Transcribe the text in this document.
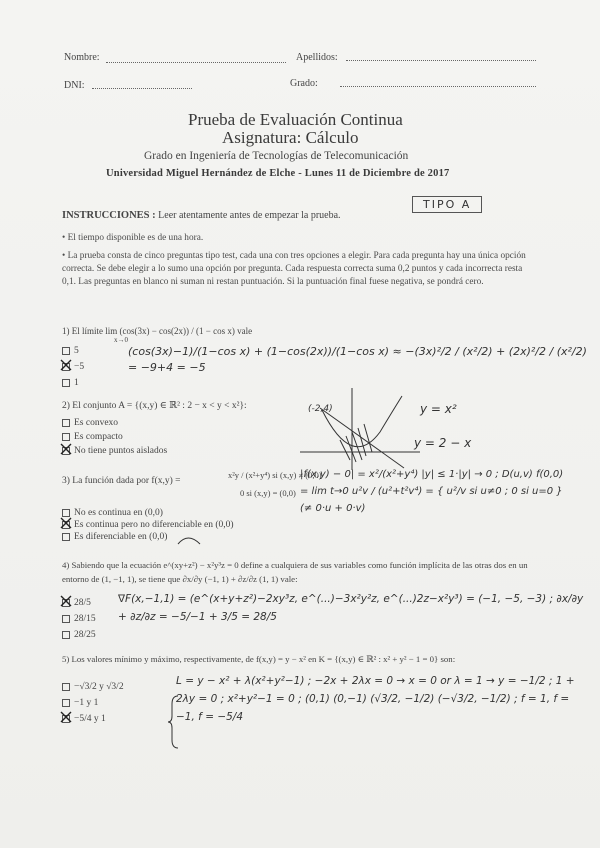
Nombre:	Apellidos:
DNI:	Grado:
Prueba de Evaluación Continua
Asignatura: Cálculo
Grado en Ingeniería de Tecnologías de Telecomunicación
Universidad Miguel Hernández de Elche - Lunes 11 de Diciembre de 2017
TIPO A
INSTRUCCIONES : Leer atentamente antes de empezar la prueba.
• El tiempo disponible es de una hora.
• La prueba consta de cinco preguntas tipo test, cada una con tres opciones a elegir. Para cada pregunta hay una única opción correcta. Se debe elegir a lo sumo una opción por pregunta. Cada respuesta correcta suma 0,2 puntos y cada incorrecta resta 0,1. Las preguntas en blanco ni suman ni restan puntuación. Si la puntuación final fuese negativa, se pondrá cero.
1) El límite lim (cos(3x) − cos(2x)) / (1 − cos x) vale
x→0
5
−5
1
(cos(3x)−1)/(1−cos x) + (1−cos(2x))/(1−cos x) ≈ −(3x)²/2 / (x²/2) + (2x)²/2 / (x²/2) = −9+4 = −5
2) El conjunto A = {(x,y) ∈ ℝ² : 2 − x < y < x²}:
Es convexo
Es compacto
No tiene puntos aislados
(-2,4)	y = x²
y = 2 − x
3) La función dada por f(x,y) =
x²y / (x²+y⁴) si (x,y) ≠ (0,0)
0 si (x,y) = (0,0)
No es continua en (0,0)
Es continua pero no diferenciable en (0,0)
Es diferenciable en (0,0)
|f(x,y) − 0| = x²/(x²+y⁴) |y| ≤ 1·|y| → 0 ; D(u,v) f(0,0) = lim t→0 u²v / (u²+t²v⁴) = { u²/v si u≠0 ; 0 si u=0 } (≠ 0·u + 0·v)
4) Sabiendo que la ecuación e^(xy+z²) − x²y³z = 0 define a cualquiera de sus variables como función implícita de las otras dos en un entorno de (1, −1, 1), se tiene que ∂x/∂y (−1, 1) + ∂z/∂z (1, 1) vale:
28/5
28/15
28/25
∇F(x,−1,1) = (e^(x+y+z²)−2xy³z, e^(...)−3x²y²z, e^(...)2z−x²y³) = (−1, −5, −3) ; ∂x/∂y + ∂z/∂z = −5/−1 + 3/5 = 28/5
5) Los valores mínimo y máximo, respectivamente, de f(x,y) = y − x² en K = {(x,y) ∈ ℝ² : x² + y² − 1 = 0} son:
−√3/2 y √3/2
−1 y 1
−5/4 y 1
L = y − x² + λ(x²+y²−1) ; −2x + 2λx = 0 → x = 0 or λ = 1 → y = −1/2 ; 1 + 2λy = 0 ; x²+y²−1 = 0 ; (0,1) (0,−1) (√3/2, −1/2) (−√3/2, −1/2) ; f = 1, f = −1, f = −5/4
